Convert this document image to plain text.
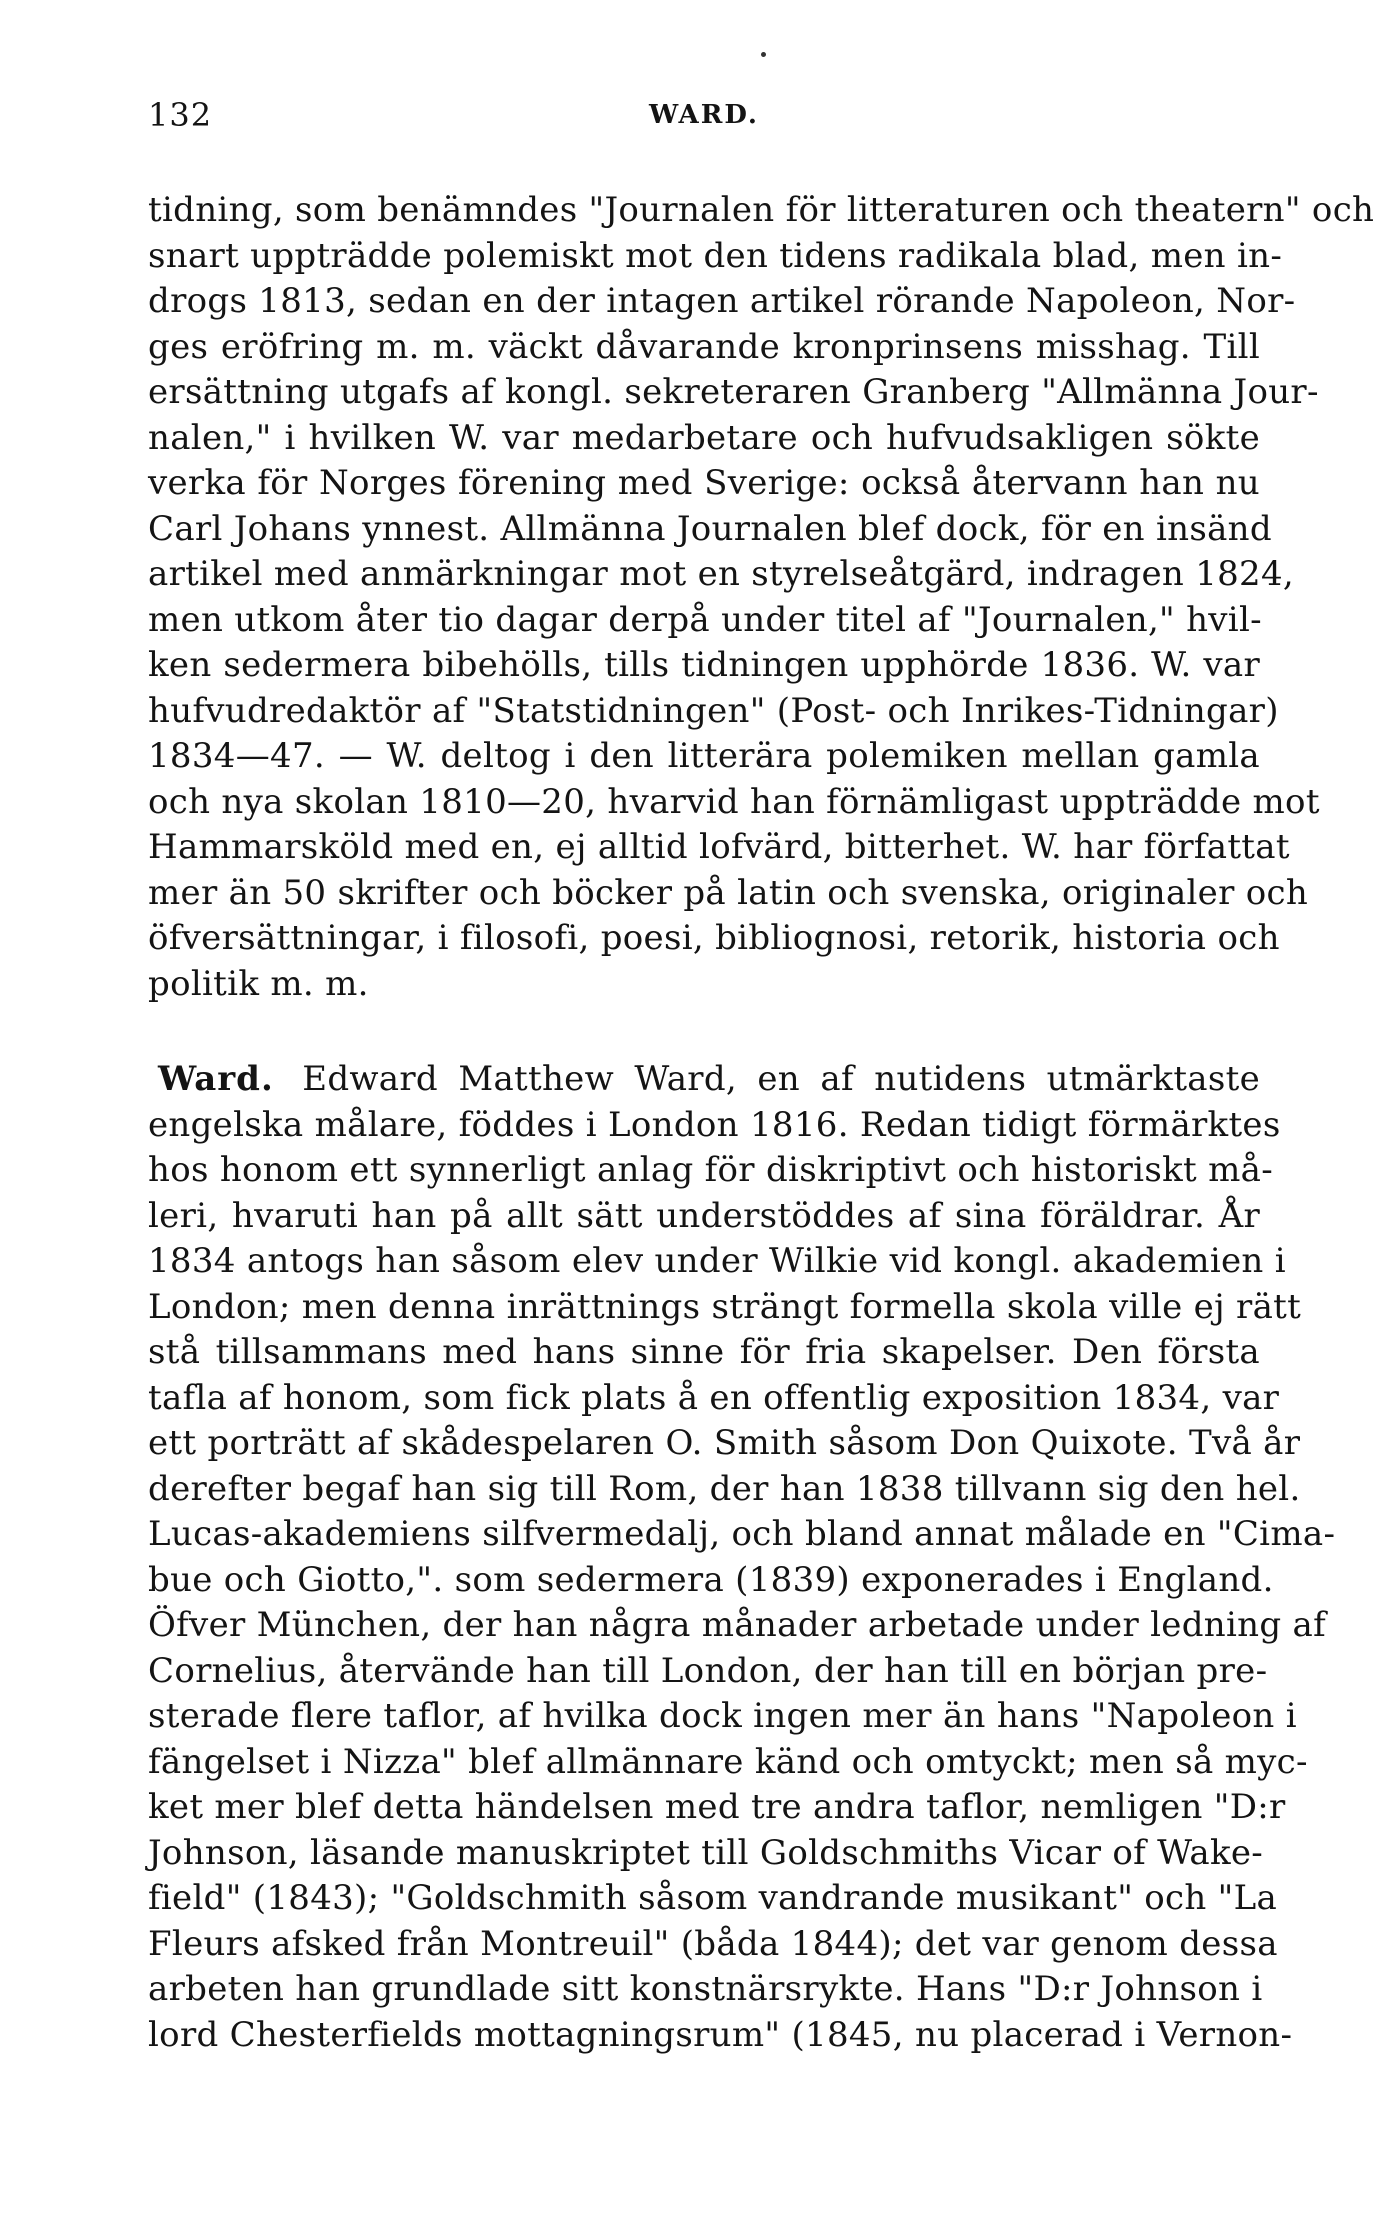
132	WARD.
tidning, som benämndes "Journalen för litteraturen och theatern" och
snart uppträdde polemiskt mot den tidens radikala blad, men in-
drogs 1813, sedan en der intagen artikel rörande Napoleon, Nor-
ges eröfring m. m. väckt dåvarande kronprinsens misshag. Till
ersättning utgafs af kongl. sekreteraren Granberg "Allmänna Jour-
nalen," i hvilken W. var medarbetare och hufvudsakligen sökte
verka för Norges förening med Sverige: också återvann han nu
Carl Johans ynnest. Allmänna Journalen blef dock, för en insänd
artikel med anmärkningar mot en styrelseåtgärd, indragen 1824,
men utkom åter tio dagar derpå under titel af "Journalen," hvil-
ken sedermera bibehölls, tills tidningen upphörde 1836. W. var
hufvudredaktör af "Statstidningen" (Post- och Inrikes-Tidningar)
1834—47. — W. deltog i den litterära polemiken mellan gamla
och nya skolan 1810—20, hvarvid han förnämligast uppträdde mot
Hammarsköld med en, ej alltid lofvärd, bitterhet. W. har författat
mer än 50 skrifter och böcker på latin och svenska, originaler och
öfversättningar, i filosofi, poesi, bibliognosi, retorik, historia och
politik m. m.
Ward. Edward Matthew Ward, en af nutidens utmärktaste
engelska målare, föddes i London 1816. Redan tidigt förmärktes
hos honom ett synnerligt anlag för diskriptivt och historiskt må-
leri, hvaruti han på allt sätt understöddes af sina föräldrar. År
1834 antogs han såsom elev under Wilkie vid kongl. akademien i
London; men denna inrättnings strängt formella skola ville ej rätt
stå tillsammans med hans sinne för fria skapelser. Den första
tafla af honom, som fick plats å en offentlig exposition 1834, var
ett porträtt af skådespelaren O. Smith såsom Don Quixote. Två år
derefter begaf han sig till Rom, der han 1838 tillvann sig den hel.
Lucas-akademiens silfvermedalj, och bland annat målade en "Cima-
bue och Giotto,". som sedermera (1839) exponerades i England.
Öfver München, der han några månader arbetade under ledning af
Cornelius, återvände han till London, der han till en början pre-
sterade flere taflor, af hvilka dock ingen mer än hans "Napoleon i
fängelset i Nizza" blef allmännare känd och omtyckt; men så myc-
ket mer blef detta händelsen med tre andra taflor, nemligen "D:r
Johnson, läsande manuskriptet till Goldschmiths Vicar of Wake-
field" (1843); "Goldschmith såsom vandrande musikant" och "La
Fleurs afsked från Montreuil" (båda 1844); det var genom dessa
arbeten han grundlade sitt konstnärsrykte. Hans "D:r Johnson i
lord Chesterfields mottagningsrum" (1845, nu placerad i Vernon-
